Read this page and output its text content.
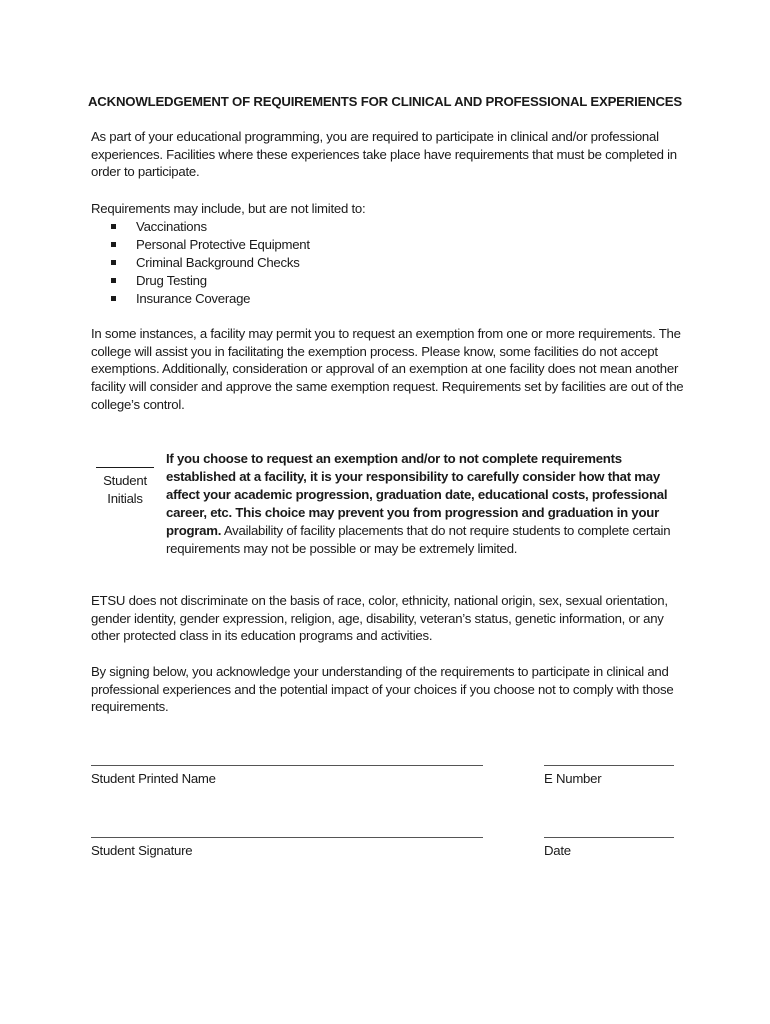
ACKNOWLEDGEMENT OF REQUIREMENTS FOR CLINICAL AND PROFESSIONAL EXPERIENCES

As part of your educational programming, you are required to participate in clinical and/or professional experiences. Facilities where these experiences take place have requirements that must be completed in order to participate.

Requirements may include, but are not limited to:

Vaccinations
Personal Protective Equipment
Criminal Background Checks
Drug Testing
Insurance Coverage

In some instances, a facility may permit you to request an exemption from one or more requirements. The college will assist you in facilitating the exemption process. Please know, some facilities do not accept exemptions. Additionally, consideration or approval of an exemption at one facility does not mean another facility will consider and approve the same exemption request. Requirements set by facilities are out of the college’s control.

Student Initials

If you choose to request an exemption and/or to not complete requirements established at a facility, it is your responsibility to carefully consider how that may affect your academic progression, graduation date, educational costs, professional career, etc. This choice may prevent you from progression and graduation in your program. Availability of facility placements that do not require students to complete certain requirements may not be possible or may be extremely limited.

ETSU does not discriminate on the basis of race, color, ethnicity, national origin, sex, sexual orientation, gender identity, gender expression, religion, age, disability, veteran’s status, genetic information, or any other protected class in its education programs and activities.

By signing below, you acknowledge your understanding of the requirements to participate in clinical and professional experiences and the potential impact of your choices if you choose not to comply with those requirements.

Student Printed Name	E Number
Student Signature	Date
